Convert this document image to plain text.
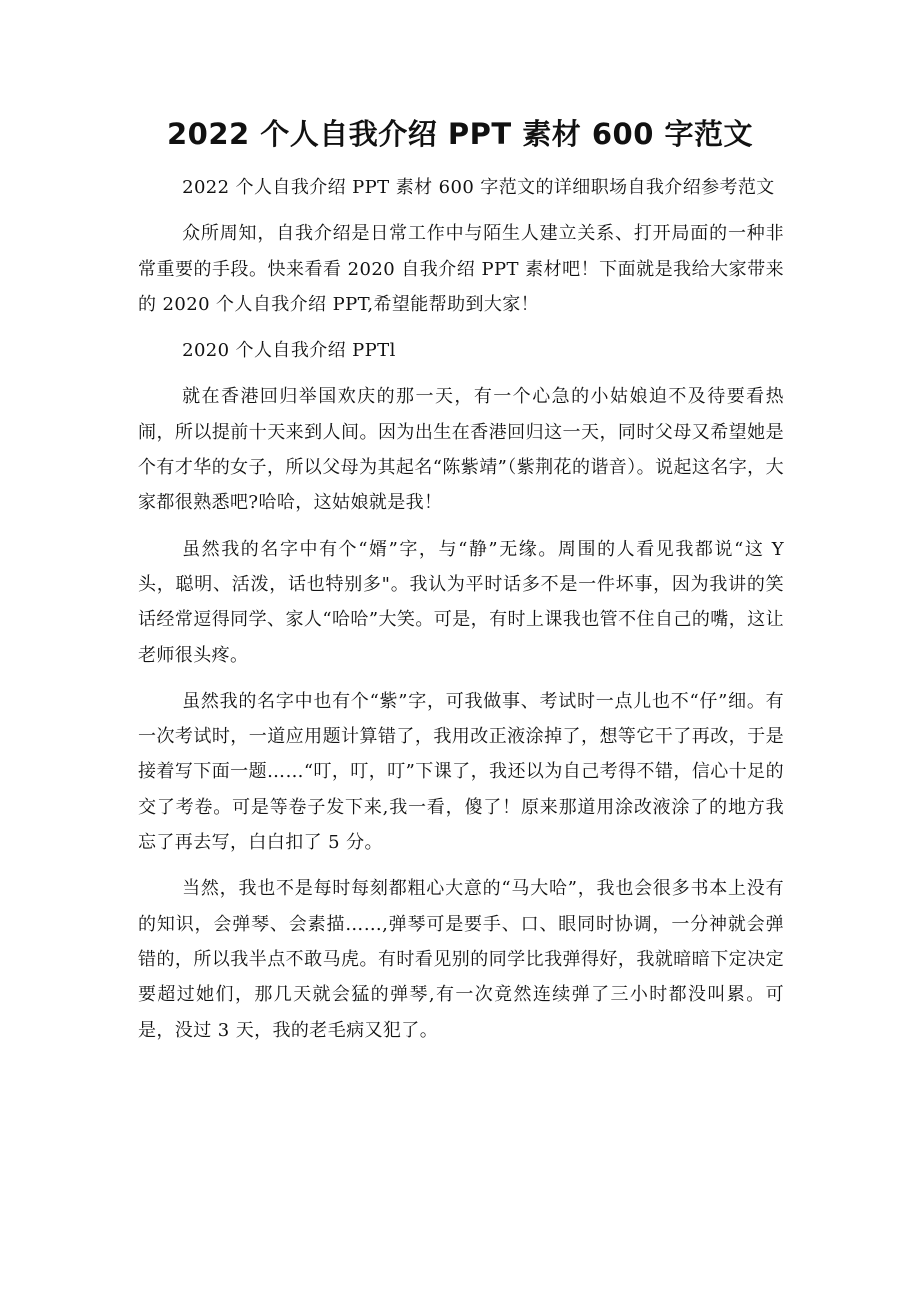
2022 个人自我介绍 PPT 素材 600 字范文

2022 个人自我介绍 PPT 素材 600 字范文的详细职场自我介绍参考范文

众所周知，自我介绍是日常工作中与陌生人建立关系、打开局面的一种非常重要的手段。快来看看 2020 自我介绍 PPT 素材吧！下面就是我给大家带来的 2020 个人自我介绍 PPT,希望能帮助到大家！

2020 个人自我介绍 PPTl

就在香港回归举国欢庆的那一天，有一个心急的小姑娘迫不及待要看热闹，所以提前十天来到人间。因为出生在香港回归这一天，同时父母又希望她是个有才华的女子，所以父母为其起名“陈紫靖”（紫荆花的谐音）。说起这名字，大家都很熟悉吧?哈哈，这姑娘就是我！

虽然我的名字中有个“婿”字，与“静”无缘。周围的人看见我都说“这 Y 头，聪明、活泼，话也特别多"。我认为平时话多不是一件坏事，因为我讲的笑话经常逗得同学、家人“哈哈”大笑。可是，有时上课我也管不住自己的嘴，这让老师很头疼。

虽然我的名字中也有个“紫”字，可我做事、考试时一点儿也不“仔”细。有一次考试时，一道应用题计算错了，我用改正液涂掉了，想等它干了再改，于是接着写下面一题……“叮，叮，叮”下课了，我还以为自己考得不错，信心十足的交了考卷。可是等卷子发下来,我一看，傻了！原来那道用涂改液涂了的地方我忘了再去写，白白扣了 5 分。

当然，我也不是每时每刻都粗心大意的“马大哈”，我也会很多书本上没有的知识，会弹琴、会素描……,弹琴可是要手、口、眼同时协调，一分神就会弹错的，所以我半点不敢马虎。有时看见别的同学比我弹得好，我就暗暗下定决定要超过她们，那几天就会猛的弹琴,有一次竟然连续弹了三小时都没叫累。可是，没过 3 天，我的老毛病又犯了。
